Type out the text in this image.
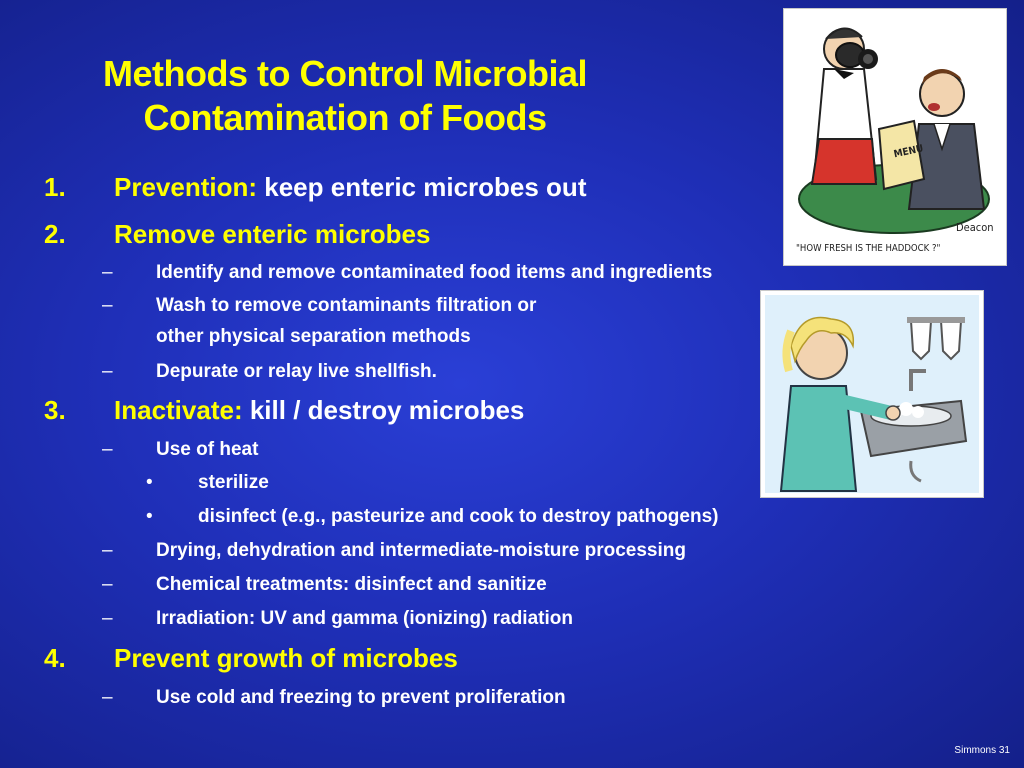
Methods to Control Microbial
Contamination of Foods
1. Prevention: keep enteric microbes out
2. Remove enteric microbes
– Identify and remove contaminated food items and ingredients
– Wash to remove contaminants filtration or
other physical separation methods
– Depurate or relay live shellfish.
3. Inactivate: kill / destroy microbes
– Use of heat
• sterilize
• disinfect (e.g., pasteurize and cook to destroy pathogens)
– Drying, dehydration and intermediate-moisture processing
– Chemical treatments: disinfect and sanitize
– Irradiation: UV and gamma (ionizing) radiation
4. Prevent growth of microbes
– Use cold and freezing to prevent proliferation
MENU
Deacon
"HOW FRESH IS THE HADDOCK ?"
Simmons 31
